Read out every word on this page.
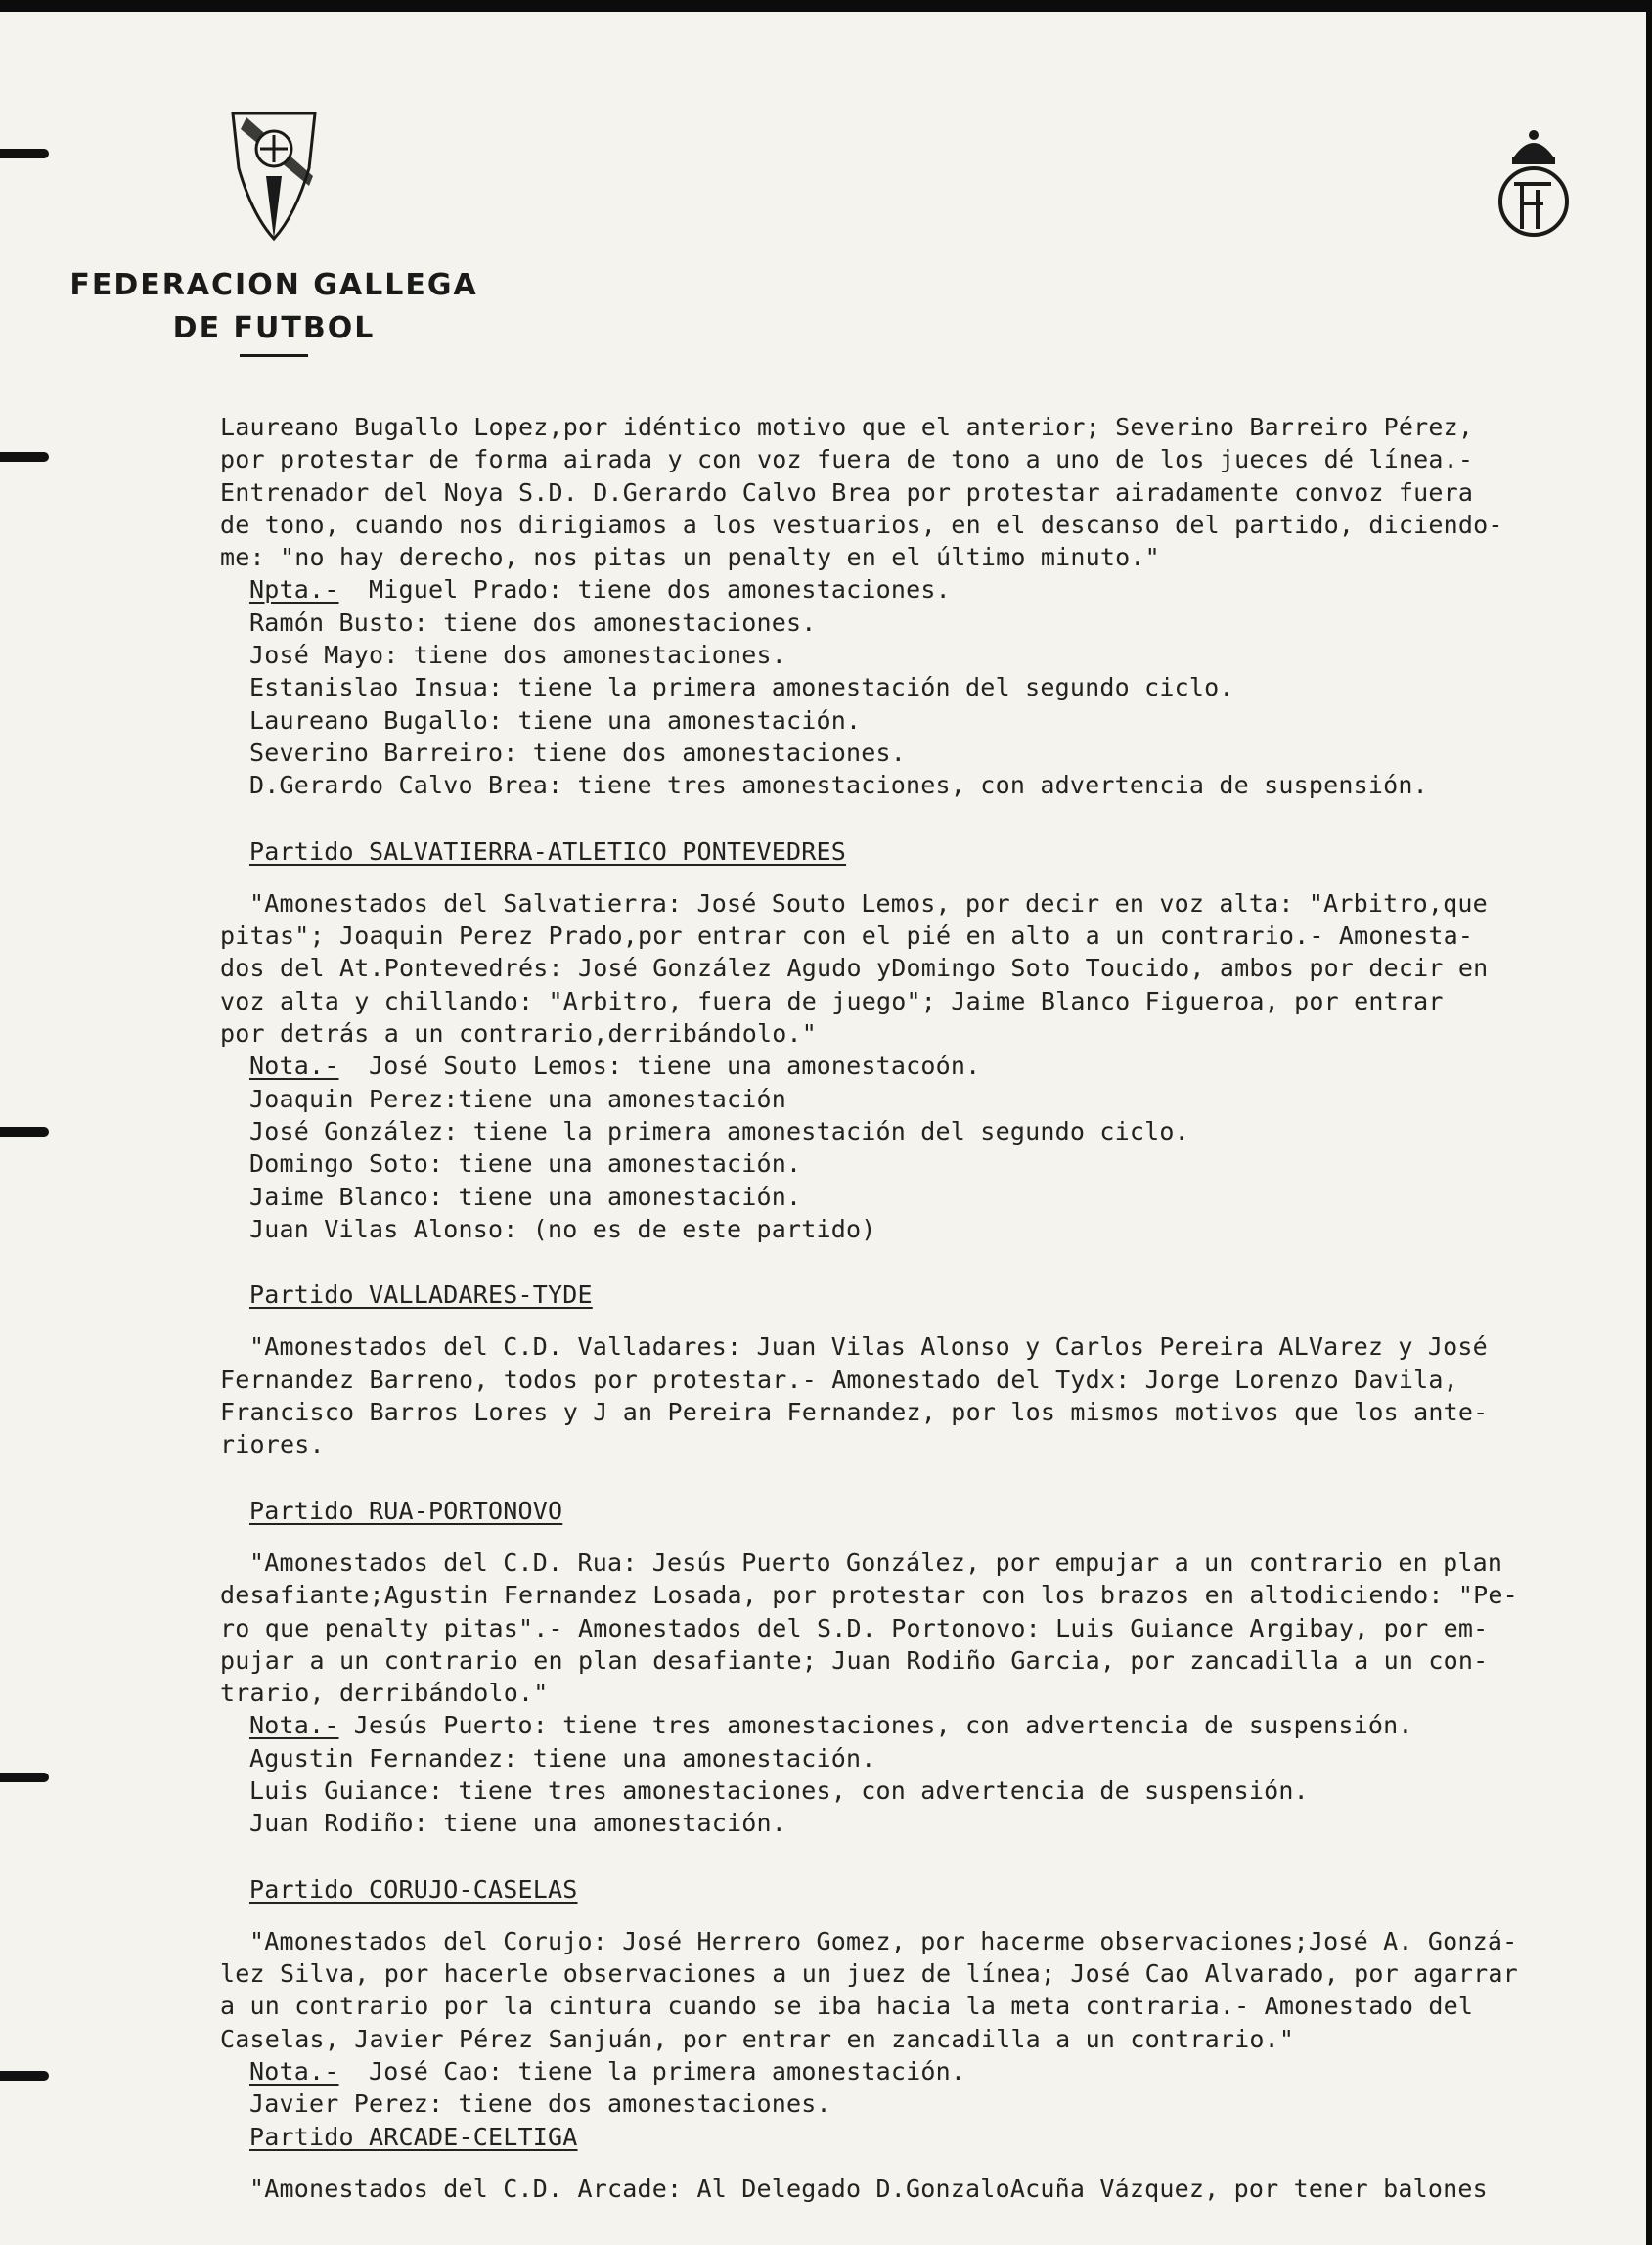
FEDERACION GALLEGA
DE FUTBOL
Laureano Bugallo Lopez,por idéntico motivo que el anterior; Severino Barreiro Pérez,
por protestar de forma airada y con voz fuera de tono a uno de los jueces dé línea.-
Entrenador del Noya S.D. D.Gerardo Calvo Brea por protestar airadamente convoz fuera
de tono, cuando nos dirigiamos a los vestuarios, en el descanso del partido, diciendo-
me: "no hay derecho, nos pitas un penalty en el último minuto."
Npta.- Miguel Prado: tiene dos amonestaciones.
Ramón Busto: tiene dos amonestaciones.
José Mayo: tiene dos amonestaciones.
Estanislao Insua: tiene la primera amonestación del segundo ciclo.
Laureano Bugallo: tiene una amonestación.
Severino Barreiro: tiene dos amonestaciones.
D.Gerardo Calvo Brea: tiene tres amonestaciones, con advertencia de suspensión.
Partido SALVATIERRA-ATLETICO PONTEVEDRES
"Amonestados del Salvatierra: José Souto Lemos, por decir en voz alta: "Arbitro,que
pitas"; Joaquin Perez Prado,por entrar con el pié en alto a un contrario.- Amonesta-
dos del At.Pontevedrés: José González Agudo yDomingo Soto Toucido, ambos por decir en
voz alta y chillando: "Arbitro, fuera de juego"; Jaime Blanco Figueroa, por entrar
por detrás a un contrario,derribándolo."
Nota.- José Souto Lemos: tiene una amonestacoón.
Joaquin Perez:tiene una amonestación
José González: tiene la primera amonestación del segundo ciclo.
Domingo Soto: tiene una amonestación.
Jaime Blanco: tiene una amonestación.
Juan Vilas Alonso: (no es de este partido)
Partido VALLADARES-TYDE
"Amonestados del C.D. Valladares: Juan Vilas Alonso y Carlos Pereira ALVarez y José
Fernandez Barreno, todos por protestar.- Amonestado del Tydx: Jorge Lorenzo Davila,
Francisco Barros Lores y J an Pereira Fernandez, por los mismos motivos que los ante-
riores.
Partido RUA-PORTONOVO
"Amonestados del C.D. Rua: Jesús Puerto González, por empujar a un contrario en plan
desafiante;Agustin Fernandez Losada, por protestar con los brazos en altodiciendo: "Pe-
ro que penalty pitas".- Amonestados del S.D. Portonovo: Luis Guiance Argibay, por em-
pujar a un contrario en plan desafiante; Juan Rodiño Garcia, por zancadilla a un con-
trario, derribándolo."
Nota.- Jesús Puerto: tiene tres amonestaciones, con advertencia de suspensión.
Agustin Fernandez: tiene una amonestación.
Luis Guiance: tiene tres amonestaciones, con advertencia de suspensión.
Juan Rodiño: tiene una amonestación.
Partido CORUJO-CASELAS
"Amonestados del Corujo: José Herrero Gomez, por hacerme observaciones;José A. Gonzá-
lez Silva, por hacerle observaciones a un juez de línea; José Cao Alvarado, por agarrar
a un contrario por la cintura cuando se iba hacia la meta contraria.- Amonestado del
Caselas, Javier Pérez Sanjuán, por entrar en zancadilla a un contrario."
Nota.- José Cao: tiene la primera amonestación.
Javier Perez: tiene dos amonestaciones.
Partido ARCADE-CELTIGA
"Amonestados del C.D. Arcade: Al Delegado D.GonzaloAcuña Vázquez, por tener balones
